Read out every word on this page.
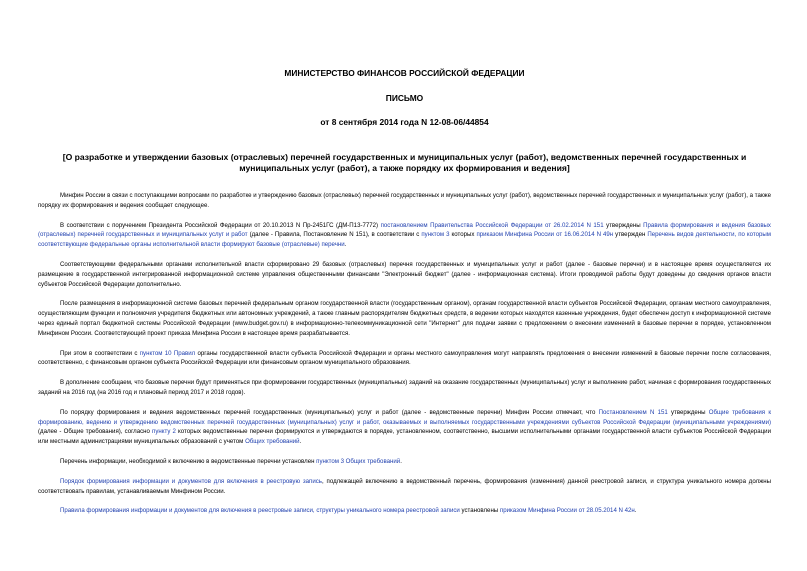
МИНИСТЕРСТВО ФИНАНСОВ РОССИЙСКОЙ ФЕДЕРАЦИИ
ПИСЬМО
от 8 сентября 2014 года N 12-08-06/44854
[О разработке и утверждении базовых (отраслевых) перечней государственных и муниципальных услуг (работ), ведомственных перечней государственных и муниципальных услуг (работ), а также порядку их формирования и ведения]

Минфин России в связи с поступающими вопросами по разработке и утверждению базовых (отраслевых) перечней государственных и муниципальных услуг (работ), ведомственных перечней государственных и муниципальных услуг (работ), а также порядку их формирования и ведения сообщает следующее.

В соответствии с поручением Президента Российской Федерации от 20.10.2013 N Пр-2451ГС (ДМ-П13-7772) постановлением Правительства Российской Федерации от 26.02.2014 N 151 утверждены Правила формирования и ведения базовых (отраслевых) перечней государственных и муниципальных услуг и работ (далее - Правила, Постановление N 151), в соответствии с пунктом 3 которых приказом Минфина России от 16.06.2014 N 49н утвержден Перечень видов деятельности, по которым соответствующие федеральные органы исполнительной власти формируют базовые (отраслевые) перечни.

Соответствующими федеральными органами исполнительной власти сформировано 29 базовых (отраслевых) перечня государственных и муниципальных услуг и работ (далее - базовые перечни) и в настоящее время осуществляется их размещение в государственной интегрированной информационной системе управления общественными финансами "Электронный бюджет" (далее - информационная система). Итоги проводимой работы будут доведены до сведения органов власти субъектов Российской Федерации дополнительно.

После размещения в информационной системе базовых перечней федеральным органом государственной власти (государственным органом), органам государственной власти субъектов Российской Федерации, органам местного самоуправления, осуществляющим функции и полномочия учредителя бюджетных или автономных учреждений, а также главным распорядителям бюджетных средств, в ведении которых находятся казенные учреждения, будет обеспечен доступ к информационной системе через единый портал бюджетной системы Российской Федерации (www.budget.gov.ru) в информационно-телекоммуникационной сети "Интернет" для подачи заявки с предложением о внесении изменений в базовые перечни в порядке, установленном Минфином России. Соответствующий проект приказа Минфина России в настоящее время разрабатывается.

При этом в соответствии с пунктом 10 Правил органы государственной власти субъекта Российской Федерации и органы местного самоуправления могут направлять предложения о внесении изменений в базовые перечни после согласования, соответственно, с финансовым органом субъекта Российской Федерации или финансовым органом муниципального образования.

В дополнение сообщаем, что базовые перечни будут применяться при формировании государственных (муниципальных) заданий на оказание государственных (муниципальных) услуг и выполнение работ, начиная с формирования государственных заданий на 2016 год (на 2016 год и плановый период 2017 и 2018 годов).

По порядку формирования и ведения ведомственных перечней государственных (муниципальных) услуг и работ (далее - ведомственные перечни) Минфин России отмечает, что Постановлением N 151 утверждены Общие требования к формированию, ведению и утверждению ведомственных перечней государственных (муниципальных) услуг и работ, оказываемых и выполняемых государственными учреждениями субъектов Российской Федерации (муниципальными учреждениями) (далее - Общие требования), согласно пункту 2 которых ведомственные перечни формируются и утверждаются в порядке, установленном, соответственно, высшими исполнительными органами государственной власти субъектов Российской Федерации или местными администрациями муниципальных образований с учетом Общих требований.

Перечень информации, необходимой к включению в ведомственные перечни установлен пунктом 3 Общих требований.

Порядок формирования информации и документов для включения в реестровую запись, подлежащей включению в ведомственный перечень, формирования (изменения) данной реестровой записи, и структура уникального номера должны соответствовать правилам, устанавливаемым Минфином России.

Правила формирования информации и документов для включения в реестровые записи, структуры уникального номера реестровой записи установлены приказом Минфина России от 28.05.2014 N 42н.
